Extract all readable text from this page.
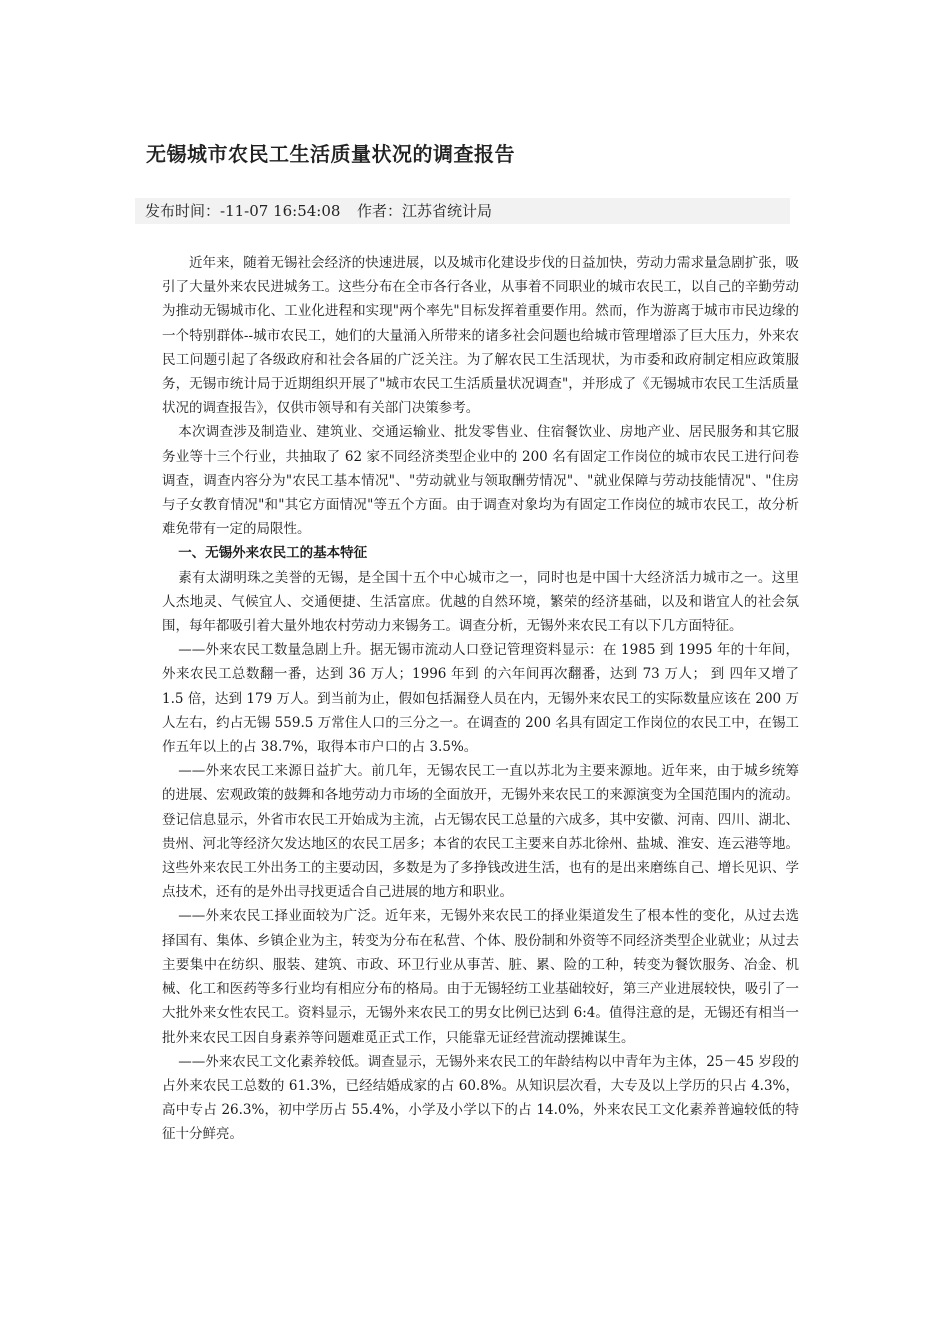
无锡城市农民工生活质量状况的调查报告
发布时间：-11-07 16:54:08 作者：江苏省统计局

近年来，随着无锡社会经济的快速进展，以及城市化建设步伐的日益加快，劳动力需求量急剧扩张，吸引了大量外来农民进城务工。这些分布在全市各行各业，从事着不同职业的城市农民工，以自己的辛勤劳动为推动无锡城市化、工业化进程和实现"两个率先"目标发挥着重要作用。然而，作为游离于城市市民边缘的一个特别群体--城市农民工，她们的大量涌入所带来的诸多社会问题也给城市管理增添了巨大压力，外来农民工问题引起了各级政府和社会各届的广泛关注。为了解农民工生活现状，为市委和政府制定相应政策服务，无锡市统计局于近期组织开展了"城市农民工生活质量状况调查"，并形成了《无锡城市农民工生活质量状况的调查报告》，仅供市领导和有关部门决策参考。

本次调查涉及制造业、建筑业、交通运输业、批发零售业、住宿餐饮业、房地产业、居民服务和其它服务业等十三个行业，共抽取了 62 家不同经济类型企业中的 200 名有固定工作岗位的城市农民工进行问卷调查，调查内容分为"农民工基本情况"、"劳动就业与领取酬劳情况"、"就业保障与劳动技能情况"、"住房与子女教育情况"和"其它方面情况"等五个方面。由于调查对象均为有固定工作岗位的城市农民工，故分析难免带有一定的局限性。

一、无锡外来农民工的基本特征

素有太湖明珠之美誉的无锡，是全国十五个中心城市之一，同时也是中国十大经济活力城市之一。这里人杰地灵、气候宜人、交通便捷、生活富庶。优越的自然环境，繁荣的经济基础，以及和谐宜人的社会氛围，每年都吸引着大量外地农村劳动力来锡务工。调查分析，无锡外来农民工有以下几方面特征。

——外来农民工数量急剧上升。据无锡市流动人口登记管理资料显示：在 1985 到 1995 年的十年间，外来农民工总数翻一番，达到 36 万人；1996 年到 的六年间再次翻番，达到 73 万人； 到 四年又增了 1.5 倍，达到 179 万人。到当前为止，假如包括漏登人员在内，无锡外来农民工的实际数量应该在 200 万人左右，约占无锡 559.5 万常住人口的三分之一。在调查的 200 名具有固定工作岗位的农民工中，在锡工作五年以上的占 38.7%，取得本市户口的占 3.5%。

——外来农民工来源日益扩大。前几年，无锡农民工一直以苏北为主要来源地。近年来，由于城乡统筹的进展、宏观政策的鼓舞和各地劳动力市场的全面放开，无锡外来农民工的来源演变为全国范围内的流动。登记信息显示，外省市农民工开始成为主流，占无锡农民工总量的六成多，其中安徽、河南、四川、湖北、贵州、河北等经济欠发达地区的农民工居多；本省的农民工主要来自苏北徐州、盐城、淮安、连云港等地。这些外来农民工外出务工的主要动因，多数是为了多挣钱改进生活，也有的是出来磨练自己、增长见识、学点技术，还有的是外出寻找更适合自己进展的地方和职业。

——外来农民工择业面较为广泛。近年来，无锡外来农民工的择业渠道发生了根本性的变化，从过去选择国有、集体、乡镇企业为主，转变为分布在私营、个体、股份制和外资等不同经济类型企业就业；从过去主要集中在纺织、服装、建筑、市政、环卫行业从事苦、脏、累、险的工种，转变为餐饮服务、冶金、机械、化工和医药等多行业均有相应分布的格局。由于无锡轻纺工业基础较好，第三产业进展较快，吸引了一大批外来女性农民工。资料显示，无锡外来农民工的男女比例已达到 6:4。值得注意的是，无锡还有相当一批外来农民工因自身素养等问题难觅正式工作，只能靠无证经营流动摆摊谋生。

——外来农民工文化素养较低。调查显示，无锡外来农民工的年龄结构以中青年为主体，25－45 岁段的占外来农民工总数的 61.3%，已经结婚成家的占 60.8%。从知识层次看，大专及以上学历的只占 4.3%，高中专占 26.3%，初中学历占 55.4%，小学及小学以下的占 14.0%，外来农民工文化素养普遍较低的特征十分鲜亮。
